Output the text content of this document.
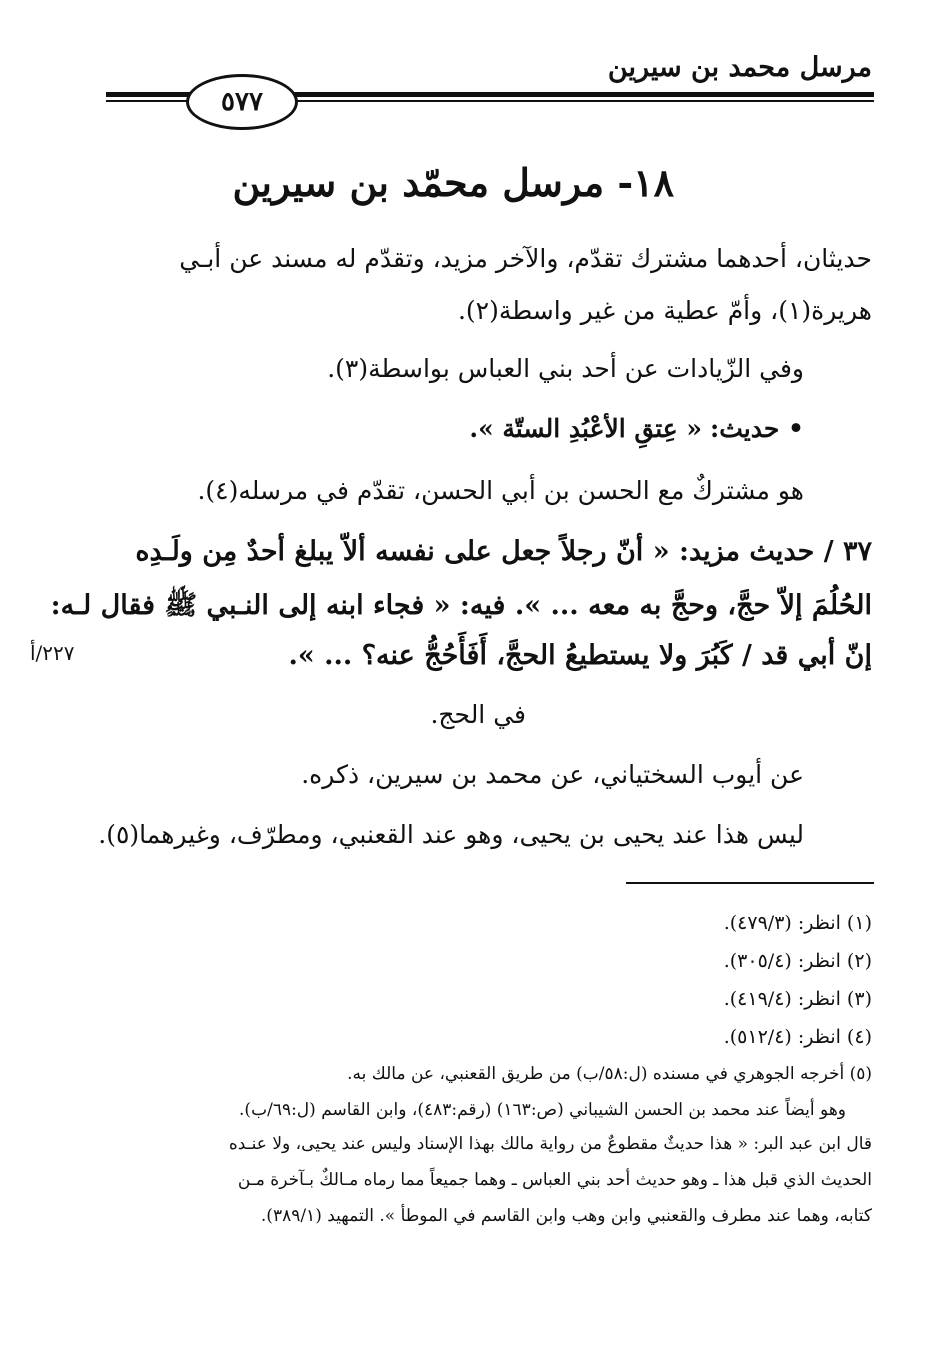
مرسل محمد بن سيرين
٥٧٧
١٨- مرسل محمّد بن سيرين
حديثان، أحدهما مشترك تقدّم، والآخر مزيد، وتقدّم له مسند عن أبـي
هريرة(١)، وأمّ عطية من غير واسطة(٢).
وفي الزّيادات عن أحد بني العباس بواسطة(٣).
• حديث: « عِتقِ الأعْبُدِ الستّة ».
هو مشتركٌ مع الحسن بن أبي الحسن، تقدّم في مرسله(٤).
٣٧ / حديث مزيد: « أنّ رجلاً جعل على نفسه ألاّ يبلغ أحدٌ مِن ولَـدِه
الحُلُمَ إلاّ حجَّ، وحجَّ به معه ... ». فيه: « فجاء ابنه إلى النـبي ﷺ فقال لـه:
إنّ أبي قد / كَبُرَ ولا يستطيعُ الحجَّ، أَفَأَحُجُّ عنه؟ ... ».
٢٢٧/أ
في الحج.
عن أيوب السختياني، عن محمد بن سيرين، ذكره.
ليس هذا عند يحيى بن يحيى، وهو عند القعنبي، ومطرّف، وغيرهما(٥).
(١) انظر: (٤٧٩/٣).
(٢) انظر: (٣٠٥/٤).
(٣) انظر: (٤١٩/٤).
(٤) انظر: (٥١٢/٤).
(٥) أخرجه الجوهري في مسنده (ل:٥٨/ب) من طريق القعنبي، عن مالك به.
وهو أيضاً عند محمد بن الحسن الشيباني (ص:١٦٣) (رقم:٤٨٣)، وابن القاسم (ل:٦٩/ب).
قال ابن عبد البر: « هذا حديثٌ مقطوعٌ من رواية مالك بهذا الإسناد وليس عند يحيى، ولا عنـده
الحديث الذي قبل هذا ـ وهو حديث أحد بني العباس ـ وهما جميعاً مما رماه مـالكٌ بـآخرة مـن
كتابه، وهما عند مطرف والقعنبي وابن وهب وابن القاسم في الموطأ ». التمهيد (٣٨٩/١).
